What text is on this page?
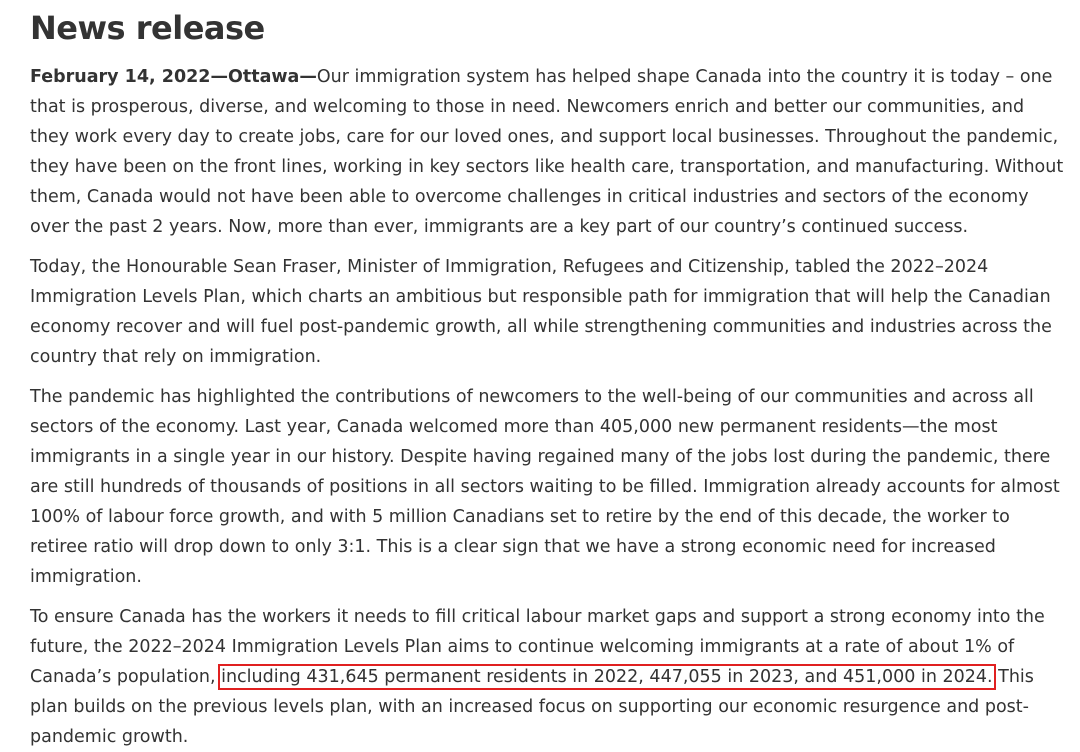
News release

February 14, 2022—Ottawa—Our immigration system has helped shape Canada into the country it is today – one that is prosperous, diverse, and welcoming to those in need. Newcomers enrich and better our communities, and they work every day to create jobs, care for our loved ones, and support local businesses. Throughout the pandemic, they have been on the front lines, working in key sectors like health care, transportation, and manufacturing. Without them, Canada would not have been able to overcome challenges in critical industries and sectors of the economy over the past 2 years. Now, more than ever, immigrants are a key part of our country’s continued success.

Today, the Honourable Sean Fraser, Minister of Immigration, Refugees and Citizenship, tabled the 2022–2024 Immigration Levels Plan, which charts an ambitious but responsible path for immigration that will help the Canadian economy recover and will fuel post-pandemic growth, all while strengthening communities and industries across the country that rely on immigration.

The pandemic has highlighted the contributions of newcomers to the well-being of our communities and across all sectors of the economy. Last year, Canada welcomed more than 405,000 new permanent residents—the most immigrants in a single year in our history. Despite having regained many of the jobs lost during the pandemic, there are still hundreds of thousands of positions in all sectors waiting to be filled. Immigration already accounts for almost 100% of labour force growth, and with 5 million Canadians set to retire by the end of this decade, the worker to retiree ratio will drop down to only 3:1. This is a clear sign that we have a strong economic need for increased immigration.

To ensure Canada has the workers it needs to fill critical labour market gaps and support a strong economy into the future, the 2022–2024 Immigration Levels Plan aims to continue welcoming immigrants at a rate of about 1% of Canada’s population, including 431,645 permanent residents in 2022, 447,055 in 2023, and 451,000 in 2024. This plan builds on the previous levels plan, with an increased focus on supporting our economic resurgence and post-pandemic growth.
